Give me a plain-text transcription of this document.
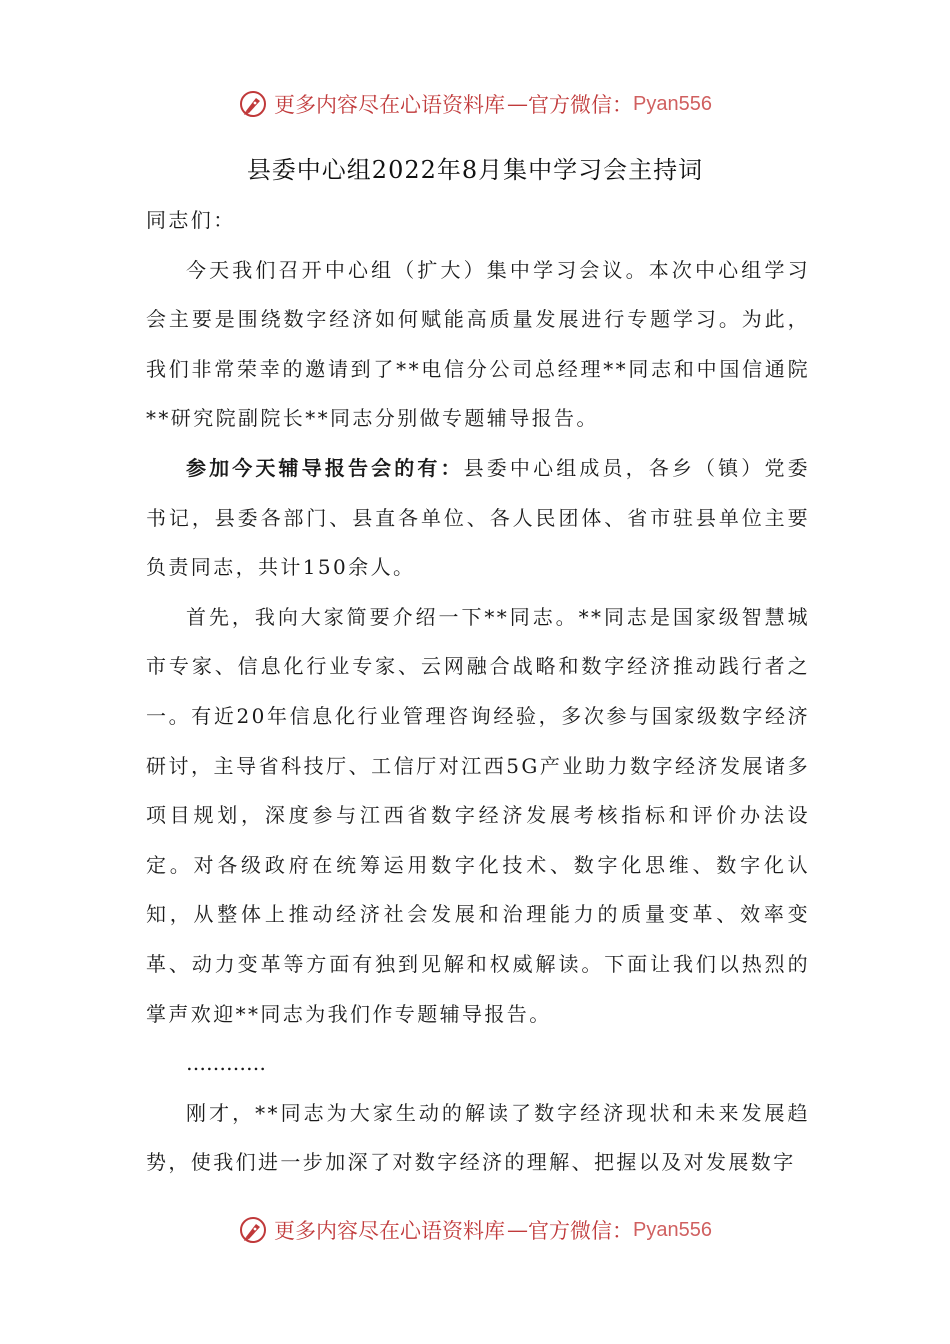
更多内容尽在心语资料库 — 官方微信： Pyan556
县委中心组2022年8月集中学习会主持词

同志们：

今天我们召开中心组（扩大）集中学习会议。本次中心组学习会主要是围绕数字经济如何赋能高质量发展进行专题学习。为此，我们非常荣幸的邀请到了**电信分公司总经理**同志和中国信通院**研究院副院长**同志分别做专题辅导报告。

参加今天辅导报告会的有：县委中心组成员，各乡（镇）党委书记，县委各部门、县直各单位、各人民团体、省市驻县单位主要负责同志，共计150余人。

首先，我向大家简要介绍一下**同志。**同志是国家级智慧城市专家、信息化行业专家、云网融合战略和数字经济推动践行者之一。有近20年信息化行业管理咨询经验，多次参与国家级数字经济研讨，主导省科技厅、工信厅对江西5G产业助力数字经济发展诸多项目规划，深度参与江西省数字经济发展考核指标和评价办法设定。对各级政府在统筹运用数字化技术、数字化思维、数字化认知，从整体上推动经济社会发展和治理能力的质量变革、效率变革、动力变革等方面有独到见解和权威解读。下面让我们以热烈的掌声欢迎**同志为我们作专题辅导报告。

…………

刚才，**同志为大家生动的解读了数字经济现状和未来发展趋势，使我们进一步加深了对数字经济的理解、把握以及对发展数字

更多内容尽在心语资料库 — 官方微信： Pyan556
